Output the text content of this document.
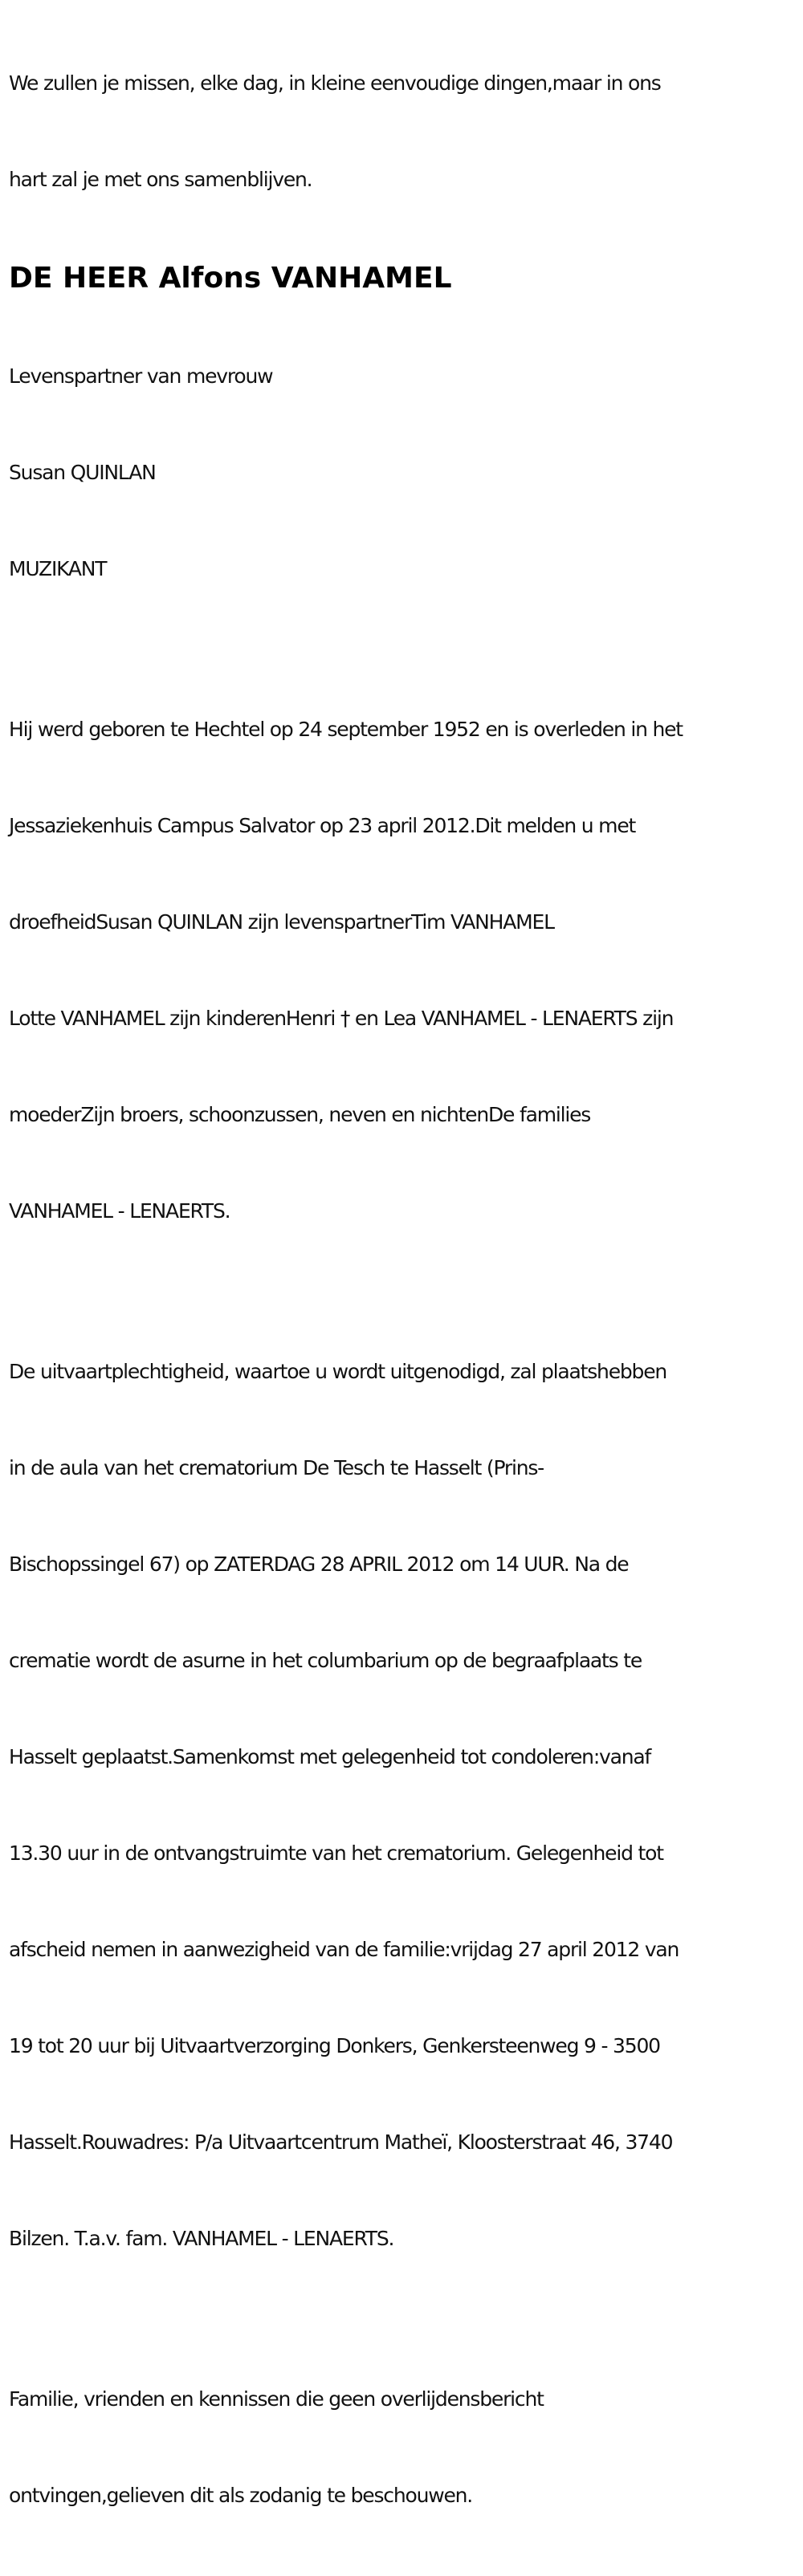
We zullen je missen, elke dag, in kleine eenvoudige dingen,maar in ons

hart zal je met ons samenblijven.

DE HEER Alfons VANHAMEL

Levenspartner van mevrouw

Susan QUINLAN

MUZIKANT

Hij werd geboren te Hechtel op 24 september 1952 en is overleden in het

Jessaziekenhuis Campus Salvator op 23 april 2012.Dit melden u met

droefheidSusan QUINLAN zijn levenspartnerTim VANHAMEL

Lotte VANHAMEL zijn kinderenHenri † en Lea VANHAMEL - LENAERTS zijn

moederZijn broers, schoonzussen, neven en nichtenDe families

VANHAMEL - LENAERTS.

De uitvaartplechtigheid, waartoe u wordt uitgenodigd, zal plaatshebben

in de aula van het crematorium De Tesch te Hasselt (Prins-

Bischopssingel 67) op ZATERDAG 28 APRIL 2012 om 14 UUR. Na de

crematie wordt de asurne in het columbarium op de begraafplaats te

Hasselt geplaatst.Samenkomst met gelegenheid tot condoleren:vanaf

13.30 uur in de ontvangstruimte van het crematorium. Gelegenheid tot

afscheid nemen in aanwezigheid van de familie:vrijdag 27 april 2012 van

19 tot 20 uur bij Uitvaartverzorging Donkers, Genkersteenweg 9 - 3500

Hasselt.Rouwadres: P/a Uitvaartcentrum Matheï, Kloosterstraat 46, 3740

Bilzen. T.a.v. fam. VANHAMEL - LENAERTS.

Familie, vrienden en kennissen die geen overlijdensbericht

ontvingen,gelieven dit als zodanig te beschouwen.
